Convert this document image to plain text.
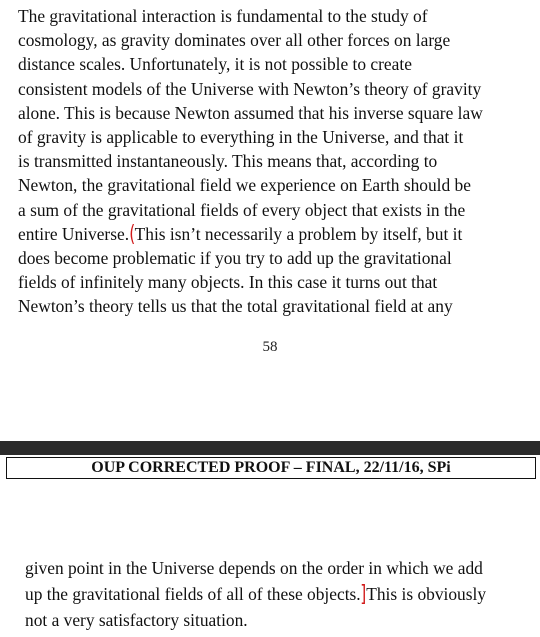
The gravitational interaction is fundamental to the study of
cosmology, as gravity dominates over all other forces on large
distance scales. Unfortunately, it is not possible to create
consistent models of the Universe with Newton’s theory of gravity
alone. This is because Newton assumed that his inverse square law
of gravity is applicable to everything in the Universe, and that it
is transmitted instantaneously. This means that, according to
Newton, the gravitational field we experience on Earth should be
a sum of the gravitational fields of every object that exists in the
entire Universe.(This isn’t necessarily a problem by itself, but it
does become problematic if you try to add up the gravitational
fields of infinitely many objects. In this case it turns out that
Newton’s theory tells us that the total gravitational field at any

58
OUP CORRECTED PROOF – FINAL, 22/11/16, SPi

given point in the Universe depends on the order in which we add
up the gravitational fields of all of these objects.]This is obviously
not a very satisfactory situation.
